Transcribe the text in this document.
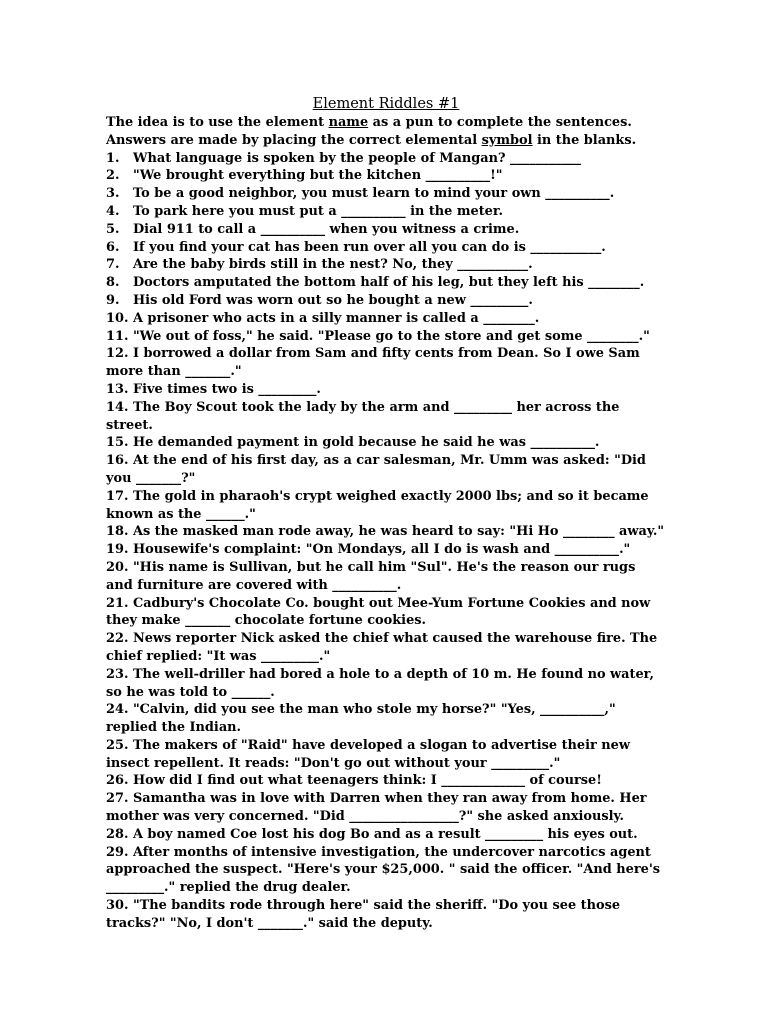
Element Riddles #1

The idea is to use the element name as a pun to complete the sentences. Answers are made by placing the correct elemental symbol in the blanks.

1.	What language is spoken by the people of Mangan? ___________
2.	"We brought everything but the kitchen __________!"
3.	To be a good neighbor, you must learn to mind your own __________.
4.	To park here you must put a __________ in the meter.
5.	Dial 911 to call a __________ when you witness a crime.
6.	If you find your cat has been run over all you can do is ___________.
7.	Are the baby birds still in the nest? No, they ___________.
8.	Doctors amputated the bottom half of his leg, but they left his ________.
9.	His old Ford was worn out so he bought a new _________.
10. A prisoner who acts in a silly manner is called a ________.
11. "We out of foss," he said. "Please go to the store and get some ________."
12. I borrowed a dollar from Sam and fifty cents from Dean. So I owe Sam more than _______."
13. Five times two is _________.
14. The Boy Scout took the lady by the arm and _________ her across the street.
15. He demanded payment in gold because he said he was __________.
16. At the end of his first day, as a car salesman, Mr. Umm was asked: "Did you _______?"
17. The gold in pharaoh's crypt weighed exactly 2000 lbs; and so it became known as the ______."
18. As the masked man rode away, he was heard to say: "Hi Ho ________ away."
19. Housewife's complaint: "On Mondays, all I do is wash and __________."
20. "His name is Sullivan, but he call him "Sul". He's the reason our rugs and furniture are covered with __________.
21. Cadbury's Chocolate Co. bought out Mee-Yum Fortune Cookies and now they make _______ chocolate fortune cookies.
22. News reporter Nick asked the chief what caused the warehouse fire. The chief replied: "It was _________."
23. The well-driller had bored a hole to a depth of 10 m. He found no water, so he was told to ______.
24. "Calvin, did you see the man who stole my horse?" "Yes, __________," replied the Indian.
25. The makers of "Raid" have developed a slogan to advertise their new insect repellent. It reads: "Don't go out without your _________."
26. How did I find out what teenagers think: I _____________ of course!
27. Samantha was in love with Darren when they ran away from home. Her mother was very concerned. "Did _________________?" she asked anxiously.
28. A boy named Coe lost his dog Bo and as a result _________ his eyes out.
29. After months of intensive investigation, the undercover narcotics agent approached the suspect. "Here's your $25,000. " said the officer. "And here's _________." replied the drug dealer.
30. "The bandits rode through here" said the sheriff. "Do you see those tracks?" "No, I don't _______." said the deputy.
